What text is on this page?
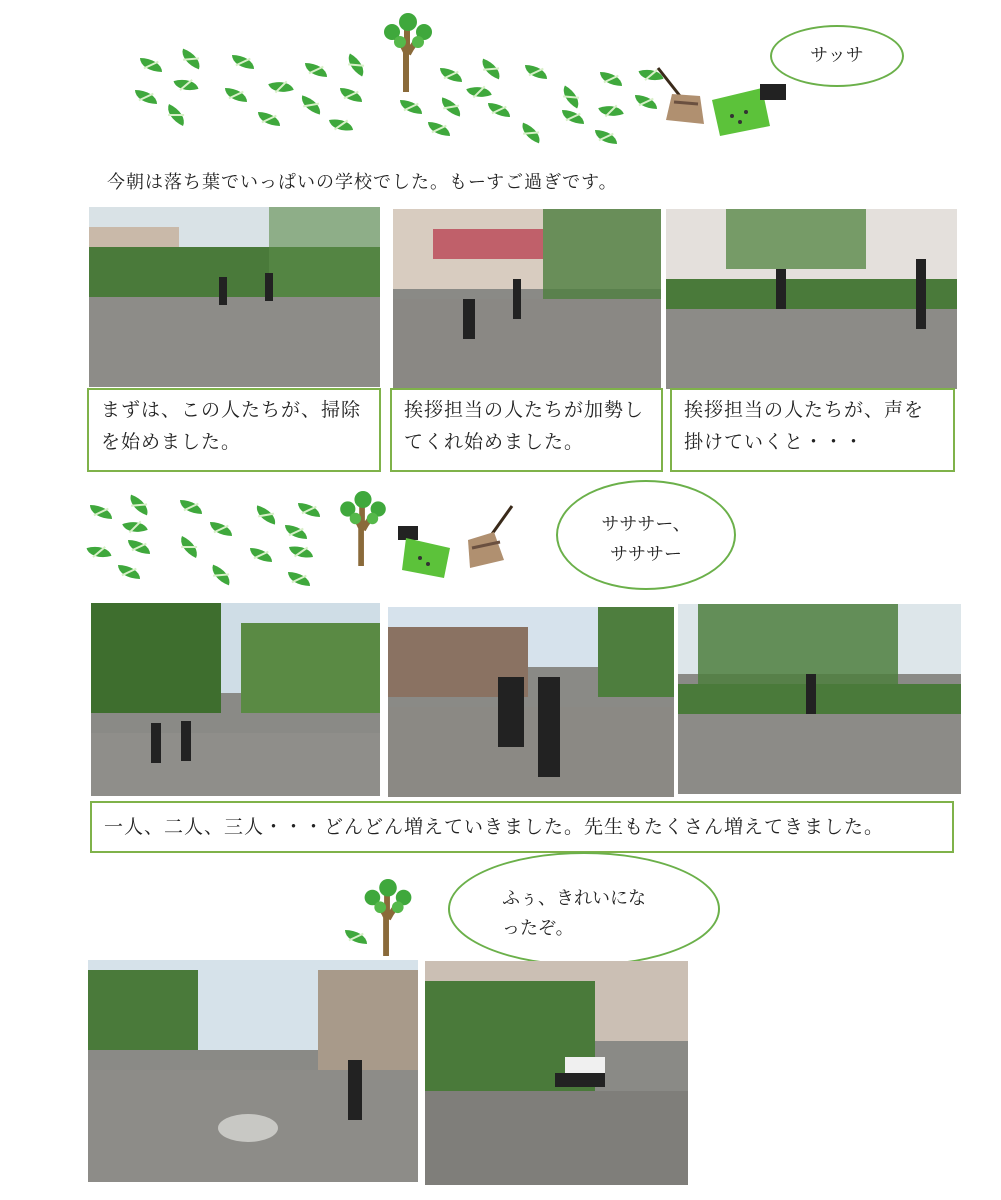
サッサ
今朝は落ち葉でいっぱいの学校でした。もーすご過ぎです。
まずは、この人たちが、掃除を始めました。
挨拶担当の人たちが加勢してくれ始めました。
挨拶担当の人たちが、声を掛けていくと・・・
サササー、
サササー
一人、二人、三人・・・どんどん増えていきました。先生もたくさん増えてきました。
ふぅ、きれいにな
ったぞ。
